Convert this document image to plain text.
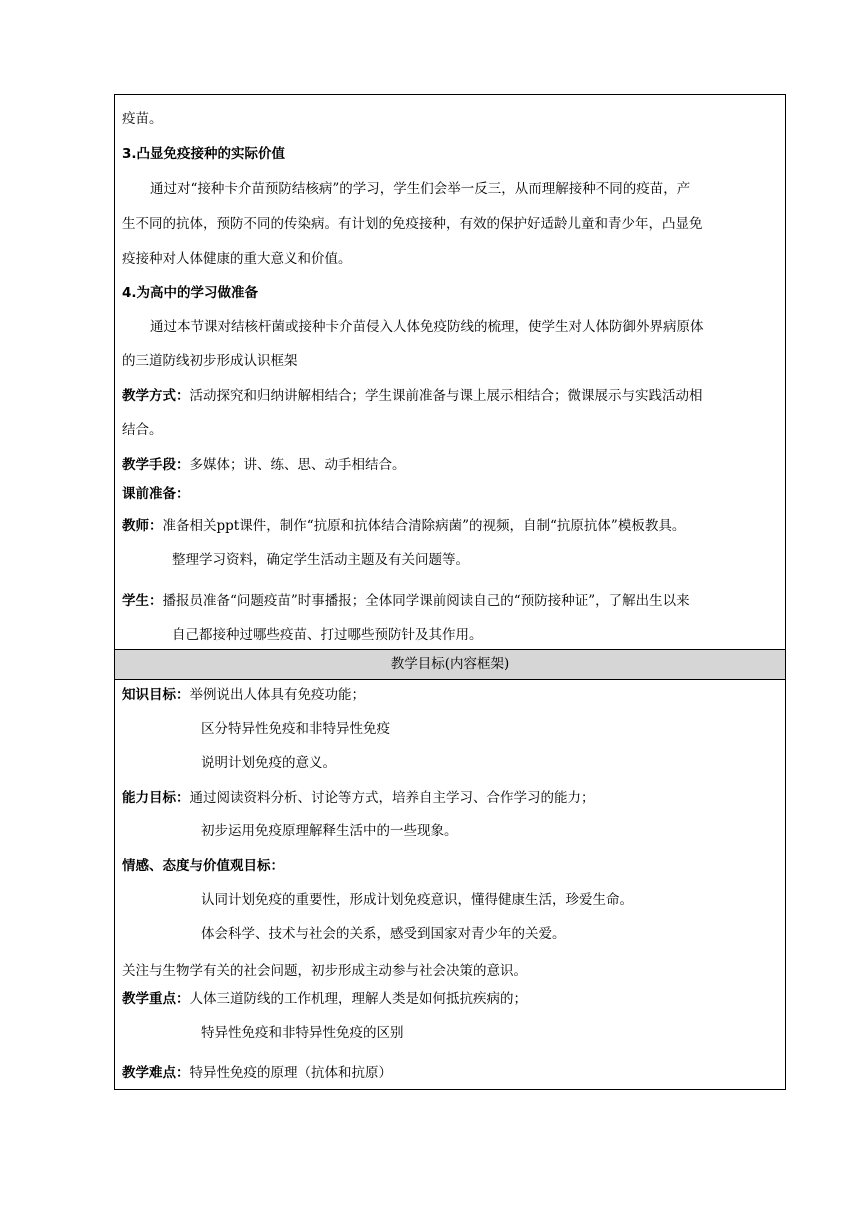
疫苗。
3.凸显免疫接种的实际价值
通过对“接种卡介苗预防结核病”的学习，学生们会举一反三，从而理解接种不同的疫苗，产
生不同的抗体，预防不同的传染病。有计划的免疫接种，有效的保护好适龄儿童和青少年，凸显免
疫接种对人体健康的重大意义和价值。
4.为高中的学习做准备
通过本节课对结核杆菌或接种卡介苗侵入人体免疫防线的梳理，使学生对人体防御外界病原体
的三道防线初步形成认识框架
教学方式：活动探究和归纳讲解相结合；学生课前准备与课上展示相结合；微课展示与实践活动相
结合。
教学手段：多媒体；讲、练、思、动手相结合。
课前准备：
教师：准备相关ppt课件，制作“抗原和抗体结合清除病菌”的视频，自制“抗原抗体”模板教具。
整理学习资料，确定学生活动主题及有关问题等。
学生：播报员准备“问题疫苗”时事播报；全体同学课前阅读自己的“预防接种证”，了解出生以来
自己都接种过哪些疫苗、打过哪些预防针及其作用。
教学目标(内容框架)
知识目标：举例说出人体具有免疫功能；
区分特异性免疫和非特异性免疫
说明计划免疫的意义。
能力目标：通过阅读资料分析、讨论等方式，培养自主学习、合作学习的能力；
初步运用免疫原理解释生活中的一些现象。
情感、态度与价值观目标：
认同计划免疫的重要性，形成计划免疫意识，懂得健康生活，珍爱生命。
体会科学、技术与社会的关系，感受到国家对青少年的关爱。
关注与生物学有关的社会问题，初步形成主动参与社会决策的意识。
教学重点：人体三道防线的工作机理，理解人类是如何抵抗疾病的；
特异性免疫和非特异性免疫的区别
教学难点：特异性免疫的原理（抗体和抗原）
